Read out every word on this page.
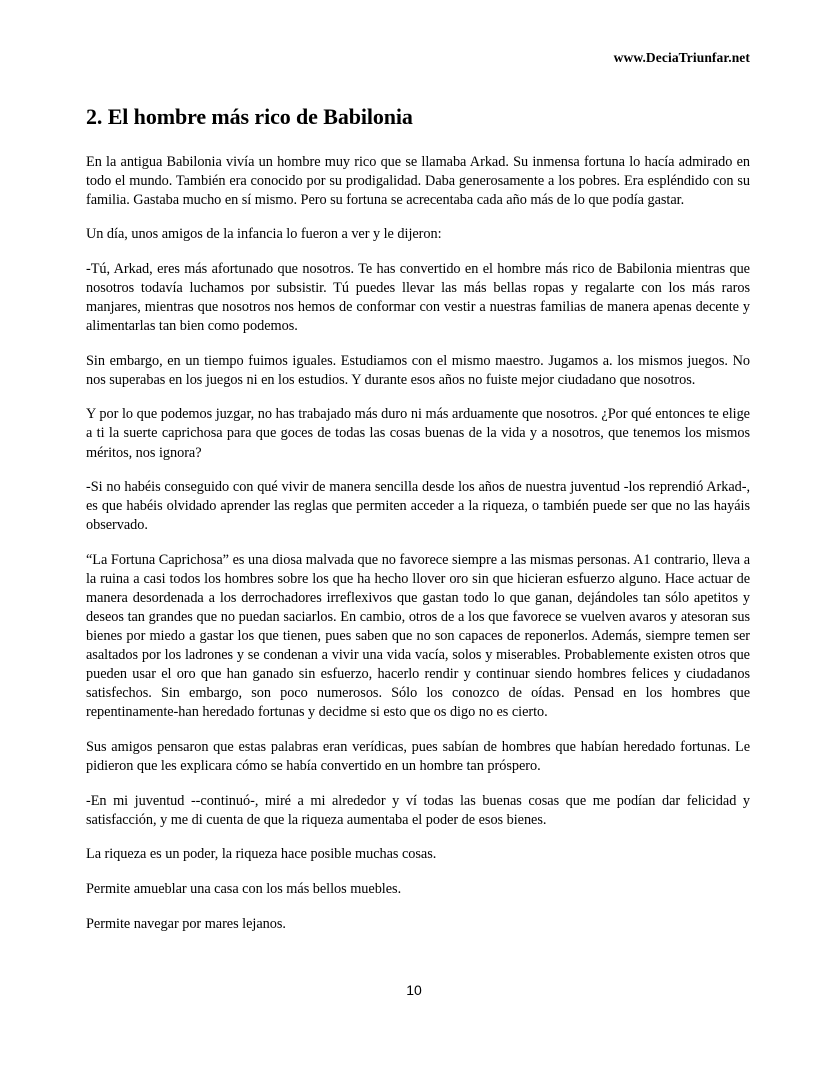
www.DeciaTriunfar.net
2. El hombre más rico de Babilonia

En la antigua Babilonia vivía un hombre muy rico que se llamaba Arkad. Su inmensa fortuna lo hacía admirado en todo el mundo. También era conocido por su prodigalidad. Daba generosamente a los pobres. Era espléndido con su familia. Gastaba mucho en sí mismo. Pero su fortuna se acrecentaba cada año más de lo que podía gastar.

Un día, unos amigos de la infancia lo fueron a ver y le dijeron:

-Tú, Arkad, eres más afortunado que nosotros. Te has convertido en el hombre más rico de Babilonia mientras que nosotros todavía luchamos por subsistir. Tú puedes llevar las más bellas ropas y regalarte con los más raros manjares, mientras que nosotros nos hemos de conformar con vestir a nuestras familias de manera apenas decente y alimentarlas tan bien como podemos.

Sin embargo, en un tiempo fuimos iguales. Estudiamos con el mismo maestro. Jugamos a. los mismos juegos. No nos superabas en los juegos ni en los estudios. Y durante esos años no fuiste mejor ciudadano que nosotros.

Y por lo que podemos juzgar, no has trabajado más duro ni más arduamente que nosotros. ¿Por qué entonces te elige a ti la suerte caprichosa para que goces de todas las cosas buenas de la vida y a nosotros, que tenemos los mismos méritos, nos ignora?

-Si no habéis conseguido con qué vivir de manera sencilla desde los años de nuestra juventud -los reprendió Arkad-, es que habéis olvidado aprender las reglas que permiten acceder a la riqueza, o también puede ser que no las hayáis observado.

“La Fortuna Caprichosa” es una diosa malvada que no favorece siempre a las mismas personas. A1 contrario, lleva a la ruina a casi todos los hombres sobre los que ha hecho llover oro sin que hicieran esfuerzo alguno. Hace actuar de manera desordenada a los derrochadores irreflexivos que gastan todo lo que ganan, dejándoles tan sólo apetitos y deseos tan grandes que no puedan saciarlos. En cambio, otros de a los que favorece se vuelven avaros y atesoran sus bienes por miedo a gastar los que tienen, pues saben que no son capaces de reponerlos. Además, siempre temen ser asaltados por los ladrones y se condenan a vivir una vida vacía, solos y miserables. Probablemente existen otros que pueden usar el oro que han ganado sin esfuerzo, hacerlo rendir y continuar siendo hombres felices y ciudadanos satisfechos. Sin embargo, son poco numerosos. Sólo los conozco de oídas. Pensad en los hombres que repentinamente-han heredado fortunas y decidme si esto que os digo no es cierto.

Sus amigos pensaron que estas palabras eran verídicas, pues sabían de hombres que habían heredado fortunas. Le pidieron que les explicara cómo se había convertido en un hombre tan próspero.

-En mi juventud --continuó-, miré a mi alrededor y ví todas las buenas cosas que me podían dar felicidad y satisfacción, y me di cuenta de que la riqueza aumentaba el poder de esos bienes.

La riqueza es un poder, la riqueza hace posible muchas cosas.

Permite amueblar una casa con los más bellos muebles.

Permite navegar por mares lejanos.

10
